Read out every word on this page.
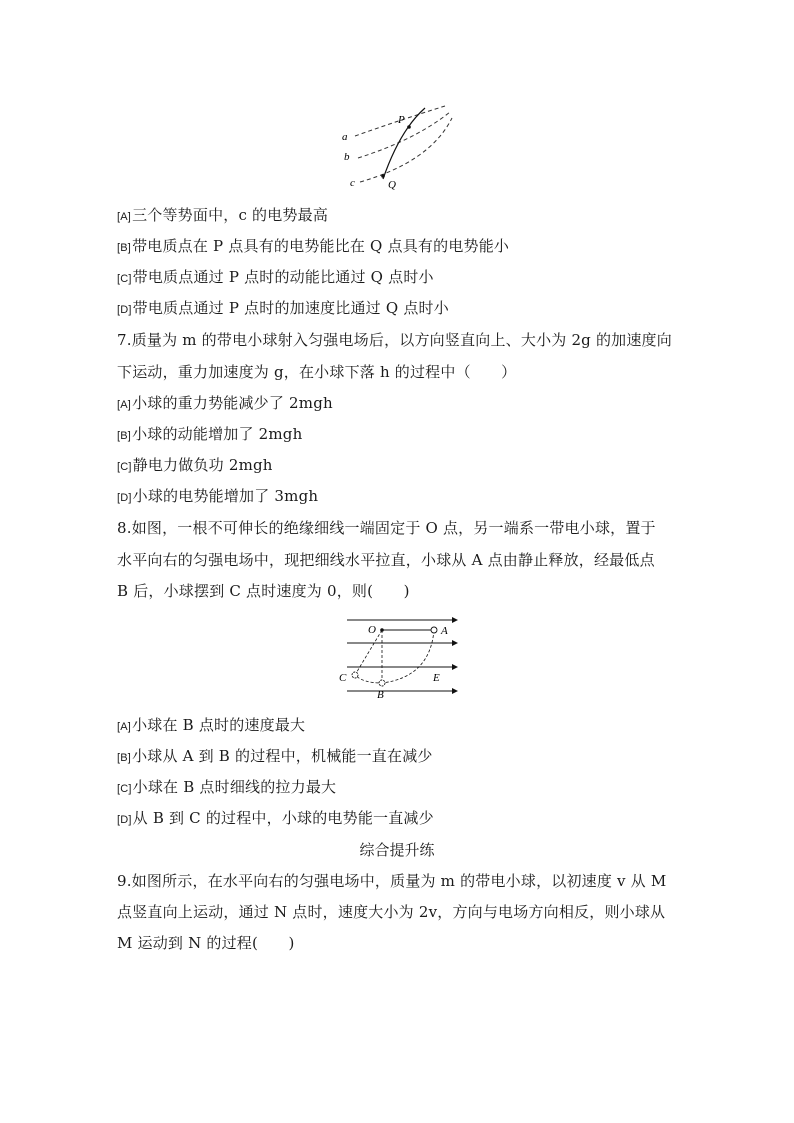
a
b
c
P
Q
[A]三个等势面中，c 的电势最高
[B]带电质点在 P 点具有的电势能比在 Q 点具有的电势能小
[C]带电质点通过 P 点时的动能比通过 Q 点时小
[D]带电质点通过 P 点时的加速度比通过 Q 点时小
7.质量为 m 的带电小球射入匀强电场后，以方向竖直向上、大小为 2g 的加速度向
下运动，重力加速度为 g，在小球下落 h 的过程中（　　）
[A]小球的重力势能减少了 2mgh
[B]小球的动能增加了 2mgh
[C]静电力做负功 2mgh
[D]小球的电势能增加了 3mgh
8.如图，一根不可伸长的绝缘细线一端固定于 O 点，另一端系一带电小球，置于
水平向右的匀强电场中，现把细线水平拉直，小球从 A 点由静止释放，经最低点
B 后，小球摆到 C 点时速度为 0，则(　　)
O	A
B
C	E
[A]小球在 B 点时的速度最大
[B]小球从 A 到 B 的过程中，机械能一直在减少
[C]小球在 B 点时细线的拉力最大
[D]从 B 到 C 的过程中，小球的电势能一直减少
综合提升练
9.如图所示，在水平向右的匀强电场中，质量为 m 的带电小球，以初速度 v 从 M
点竖直向上运动，通过 N 点时，速度大小为 2v，方向与电场方向相反，则小球从
M 运动到 N 的过程(　　)
